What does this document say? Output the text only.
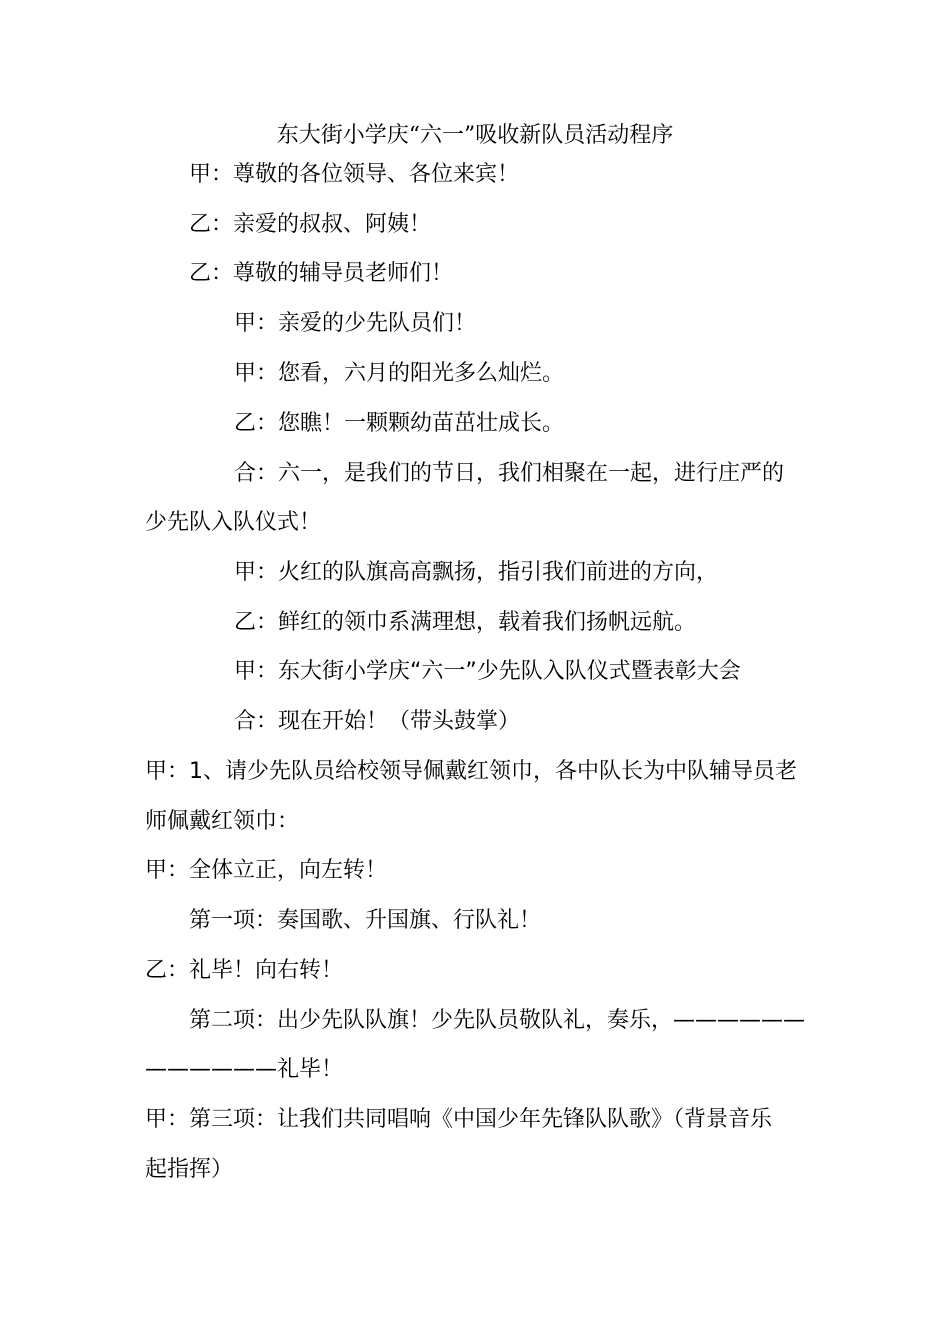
东大街小学庆“六一”吸收新队员活动程序
甲：尊敬的各位领导、各位来宾！
乙：亲爱的叔叔、阿姨！
乙：尊敬的辅导员老师们！
甲：亲爱的少先队员们！
甲：您看，六月的阳光多么灿烂。
乙：您瞧！一颗颗幼苗茁壮成长。
合：六一，是我们的节日，我们相聚在一起，进行庄严的
少先队入队仪式！
甲：火红的队旗高高飘扬，指引我们前进的方向，
乙：鲜红的领巾系满理想，载着我们扬帆远航。
甲：东大街小学庆“六一”少先队入队仪式暨表彰大会
合：现在开始！（带头鼓掌）
甲：1、请少先队员给校领导佩戴红领巾，各中队长为中队辅导员老
师佩戴红领巾：
甲：全体立正，向左转！
第一项：奏国歌、升国旗、行队礼！
乙：礼毕！向右转！
第二项：出少先队队旗！少先队员敬队礼，奏乐，——————
——————礼毕！
甲：第三项：让我们共同唱响《中国少年先锋队队歌》（背景音乐
起指挥）
